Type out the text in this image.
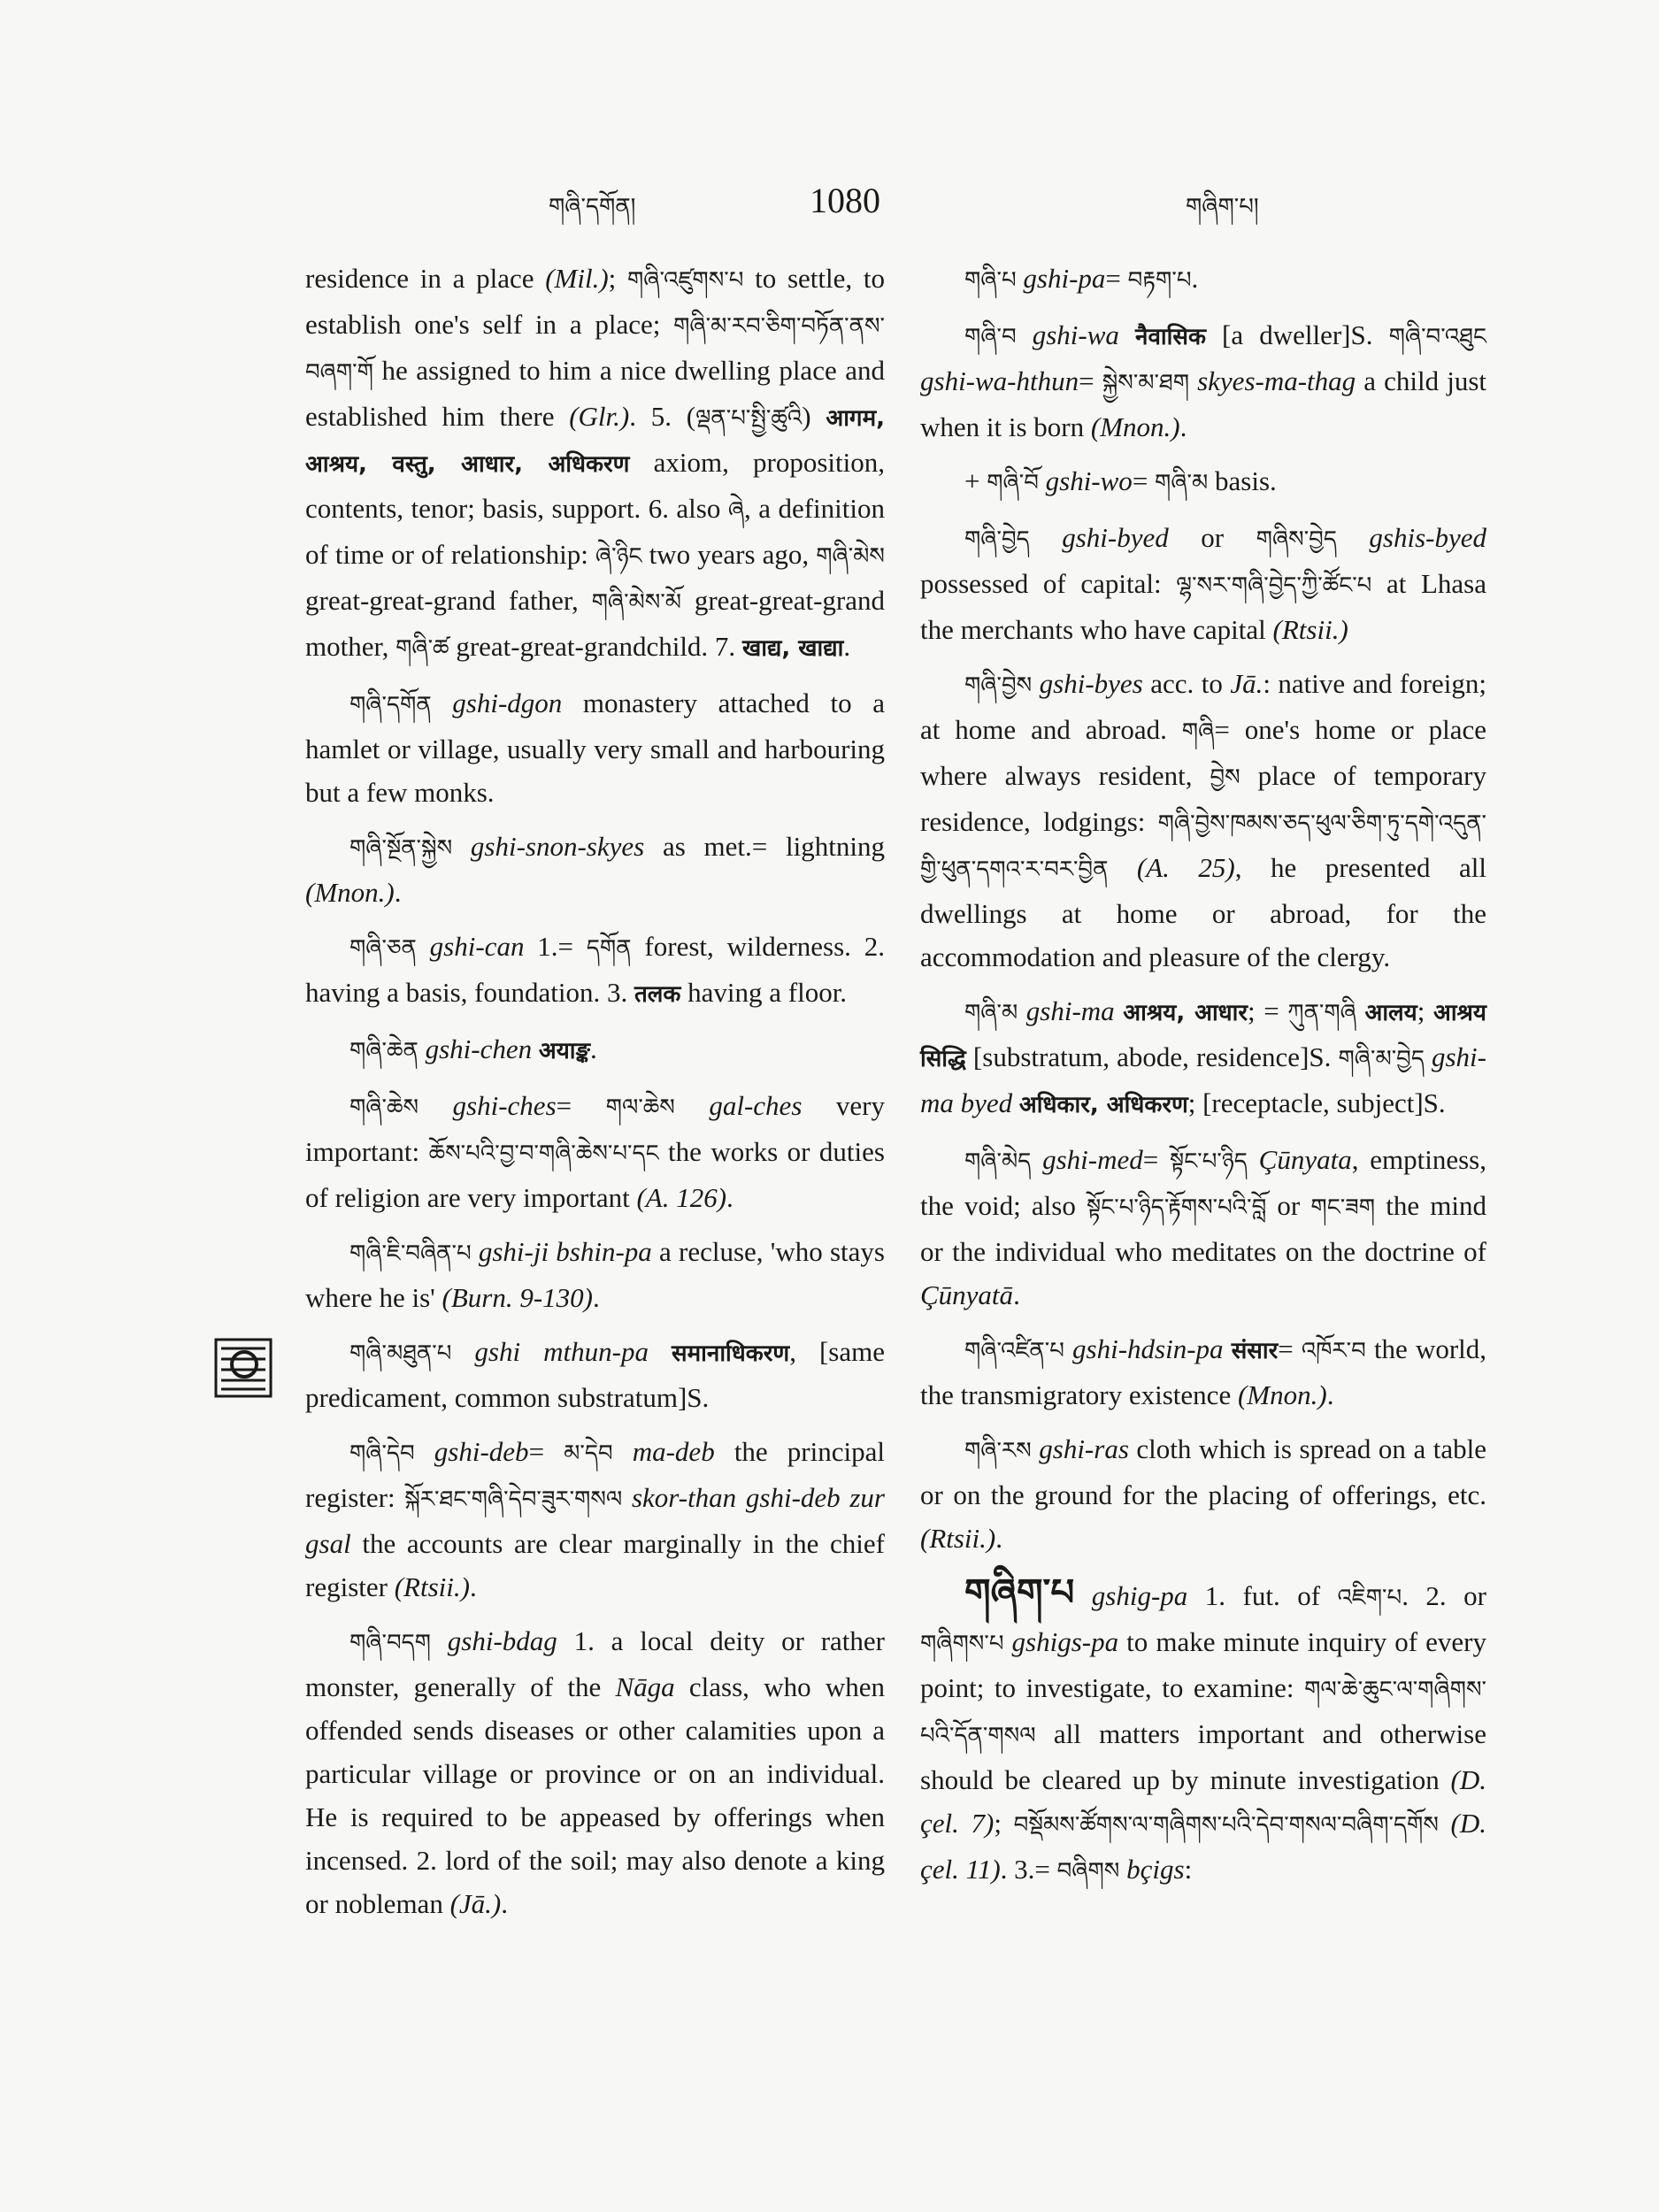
གཞི་དགོན།	1080	གཞིག་པ།

residence in a place (Mil.); གཞི་འཛུགས་པ to settle, to establish one's self in a place; གཞི་མ་རབ་ཅིག་བཏོན་ནས་བཞག་གོ he assigned to him a nice dwelling place and established him there (Glr.). 5. (ལྡན་པ་སྤྱི་ཚུའི) आगम, आश्रय, वस्तु, आधार, अधिकरण axiom, proposition, contents, tenor; basis, support. 6. also ཞེ, a definition of time or of relationship: ཞེ་ཉིང two years ago, གཞི་མེས great-great-grand father, གཞི་མེས་མོ great-great-grand mother, གཞི་ཚ great-great-grandchild. 7. खाद्य, खाद्या.

གཞི་དགོན gshi-dgon monastery attached to a hamlet or village, usually very small and harbouring but a few monks.

གཞི་སྔོན་སྐྱེས gshi-snon-skyes as met.= lightning (Mnon.).

གཞི་ཅན gshi-can 1.= དགོན forest, wilderness. 2. having a basis, foundation. 3. तलक having a floor.

གཞི་ཆེན gshi-chen अयाङ्क.

གཞི་ཆེས gshi-ches= གལ་ཆེས gal-ches very important: ཆོས་པའི་བྱ་བ་གཞི་ཆེས་པ་དང the works or duties of religion are very important (A. 126).

གཞི་ཇི་བཞིན་པ gshi-ji bshin-pa a recluse, 'who stays where he is' (Burn. 9-130).

གཞི་མཐུན་པ gshi mthun-pa समानाधिकरण, [same predicament, common substratum]S.

གཞི་དེབ gshi-deb= མ་དེབ ma-deb the principal register: སྐོར་ཐང་གཞི་དེབ་ཟུར་གསལ skor-than gshi-deb zur gsal the accounts are clear marginally in the chief register (Rtsii.).

གཞི་བདག gshi-bdag 1. a local deity or rather monster, generally of the Nāga class, who when offended sends diseases or other calamities upon a particular village or province or on an individual. He is required to be appeased by offerings when incensed. 2. lord of the soil; may also denote a king or nobleman (Jā.).

གཞི་པ gshi-pa= བརྟག་པ.

གཞི་བ gshi-wa नैवासिक [a dweller]S. གཞི་བ་འཐུང gshi-wa-hthun= སྐྱེས་མ་ཐག skyes-ma-thag a child just when it is born (Mnon.).

+ གཞི་བོ gshi-wo= གཞི་མ basis.

གཞི་བྱེད gshi-byed or གཞིས་བྱེད gshis-byed possessed of capital: ལྷ་སར་གཞི་བྱེད་ཀྱི་ཚོང་པ at Lhasa the merchants who have capital (Rtsii.)

གཞི་བྱེས gshi-byes acc. to Jā.: native and foreign; at home and abroad. གཞི= one's home or place where always resident, བྱེས place of temporary residence, lodgings: གཞི་བྱེས་ཁམས་ཅད་ཕུལ་ཅིག་ཏུ་དགེ་འདུན་གྱི་ཕུན་དགའ་ར་བར་བྱིན (A. 25), he presented all dwellings at home or abroad, for the accommodation and pleasure of the clergy.

གཞི་མ gshi-ma आश्रय, आधार; = ཀུན་གཞི आलय; आश्रय सिद्धि [substratum, abode, residence]S. གཞི་མ་བྱེད gshi-ma byed अधिकार, अधिकरण; [receptacle, subject]S.

གཞི་མེད gshi-med= སྟོང་པ་ཉིད Çūnyata, emptiness, the void; also སྟོང་པ་ཉིད་རྟོགས་པའི་བློ or གང་ཟག the mind or the individual who meditates on the doctrine of Çūnyatā.

གཞི་འཛིན་པ gshi-hdsin-pa संसार= འཁོར་བ the world, the transmigratory existence (Mnon.).

གཞི་རས gshi-ras cloth which is spread on a table or on the ground for the placing of offerings, etc. (Rtsii.).

གཞིག་པ gshig-pa 1. fut. of འཇིག་པ. 2. or གཞིགས་པ gshigs-pa to make minute inquiry of every point; to investigate, to examine: གལ་ཆེ་ཆུང་ལ་གཞིགས་པའི་དོན་གསལ all matters important and otherwise should be cleared up by minute investigation (D. çel. 7); བསྡོམས་ཚོགས་ལ་གཞིགས་པའི་དེབ་གསལ་བཞིག་དགོས (D. çel. 11). 3.= བཞིགས bçigs:
